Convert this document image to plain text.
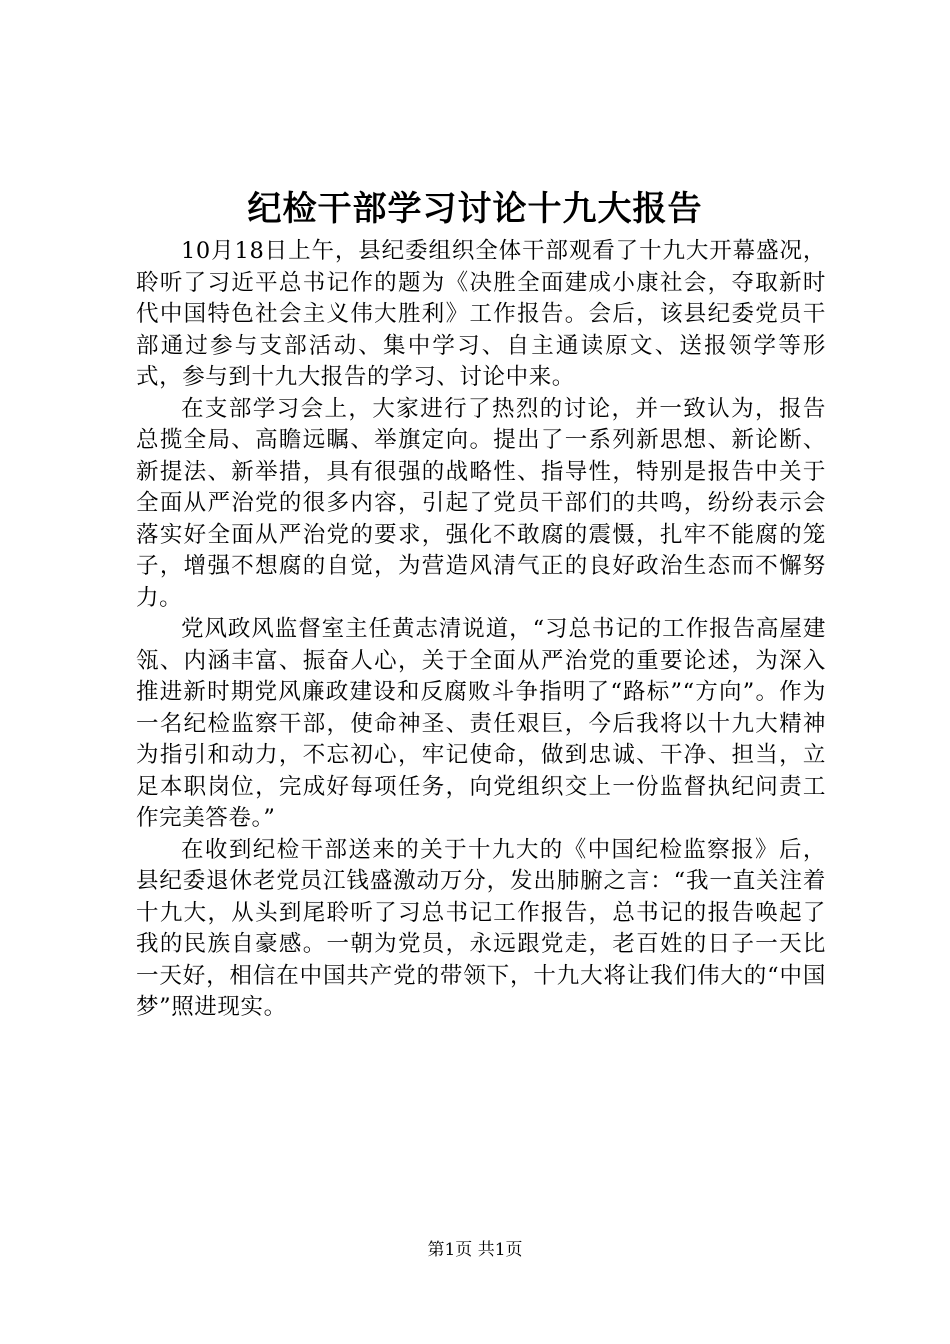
纪检干部学习讨论十九大报告

10月18日上午，县纪委组织全体干部观看了十九大开幕盛况，聆听了习近平总书记作的题为《决胜全面建成小康社会，夺取新时代中国特色社会主义伟大胜利》工作报告。会后，该县纪委党员干部通过参与支部活动、集中学习、自主通读原文、送报领学等形式，参与到十九大报告的学习、讨论中来。

在支部学习会上，大家进行了热烈的讨论，并一致认为，报告总揽全局、高瞻远瞩、举旗定向。提出了一系列新思想、新论断、新提法、新举措，具有很强的战略性、指导性，特别是报告中关于全面从严治党的很多内容，引起了党员干部们的共鸣，纷纷表示会落实好全面从严治党的要求，强化不敢腐的震慑，扎牢不能腐的笼子，增强不想腐的自觉，为营造风清气正的良好政治生态而不懈努力。

党风政风监督室主任黄志清说道，“习总书记的工作报告高屋建瓴、内涵丰富、振奋人心，关于全面从严治党的重要论述，为深入推进新时期党风廉政建设和反腐败斗争指明了“路标”“方向”。作为一名纪检监察干部，使命神圣、责任艰巨，今后我将以十九大精神为指引和动力，不忘初心，牢记使命，做到忠诚、干净、担当，立足本职岗位，完成好每项任务，向党组织交上一份监督执纪问责工作完美答卷。”

在收到纪检干部送来的关于十九大的《中国纪检监察报》后，县纪委退休老党员江钱盛激动万分，发出肺腑之言：“我一直关注着十九大，从头到尾聆听了习总书记工作报告，总书记的报告唤起了我的民族自豪感。一朝为党员，永远跟党走，老百姓的日子一天比一天好，相信在中国共产党的带领下，十九大将让我们伟大的“中国梦”照进现实。

第1页 共1页
